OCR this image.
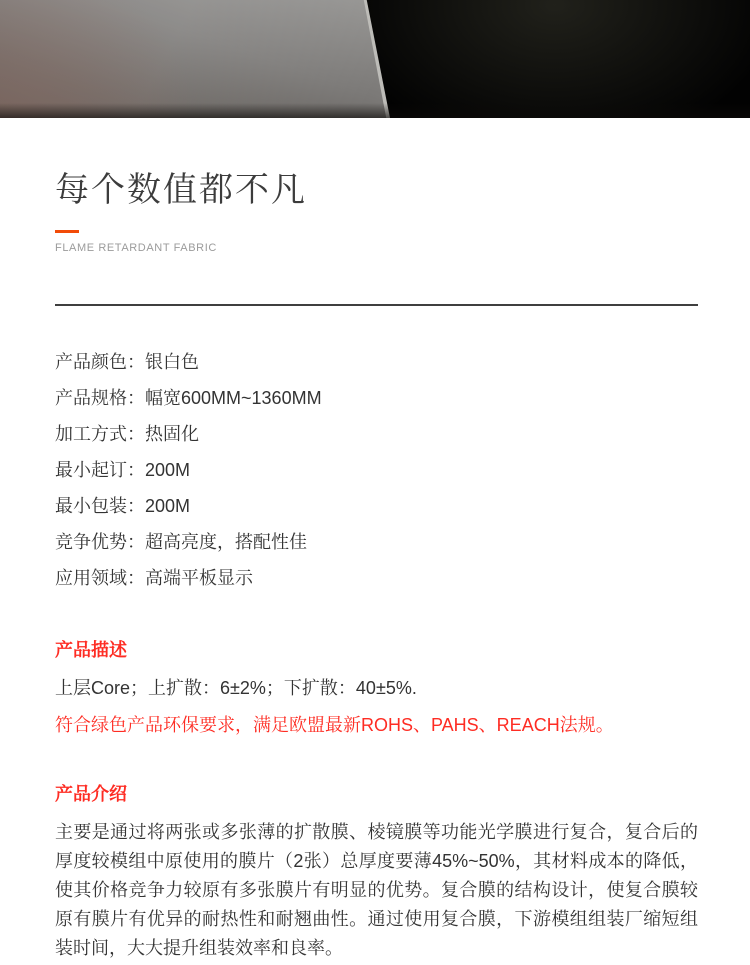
每个数值都不凡
FLAME RETARDANT FABRIC
产品颜色：银白色
产品规格：幅宽600MM~1360MM
加工方式：热固化
最小起订：200M
最小包装：200M
竞争优势：超高亮度，搭配性佳
应用领域：高端平板显示
产品描述

上层Core；上扩散：6±2%；下扩散：40±5%.

符合绿色产品环保要求，满足欧盟最新ROHS、PAHS、REACH法规。

产品介绍

主要是通过将两张或多张薄的扩散膜、棱镜膜等功能光学膜进行复合，复合后的厚度较模组中原使用的膜片（2张）总厚度要薄45%~50%，其材料成本的降低，使其价格竞争力较原有多张膜片有明显的优势。复合膜的结构设计，使复合膜较原有膜片有优异的耐热性和耐翘曲性。通过使用复合膜，下游模组组装厂缩短组装时间，大大提升组装效率和良率。
